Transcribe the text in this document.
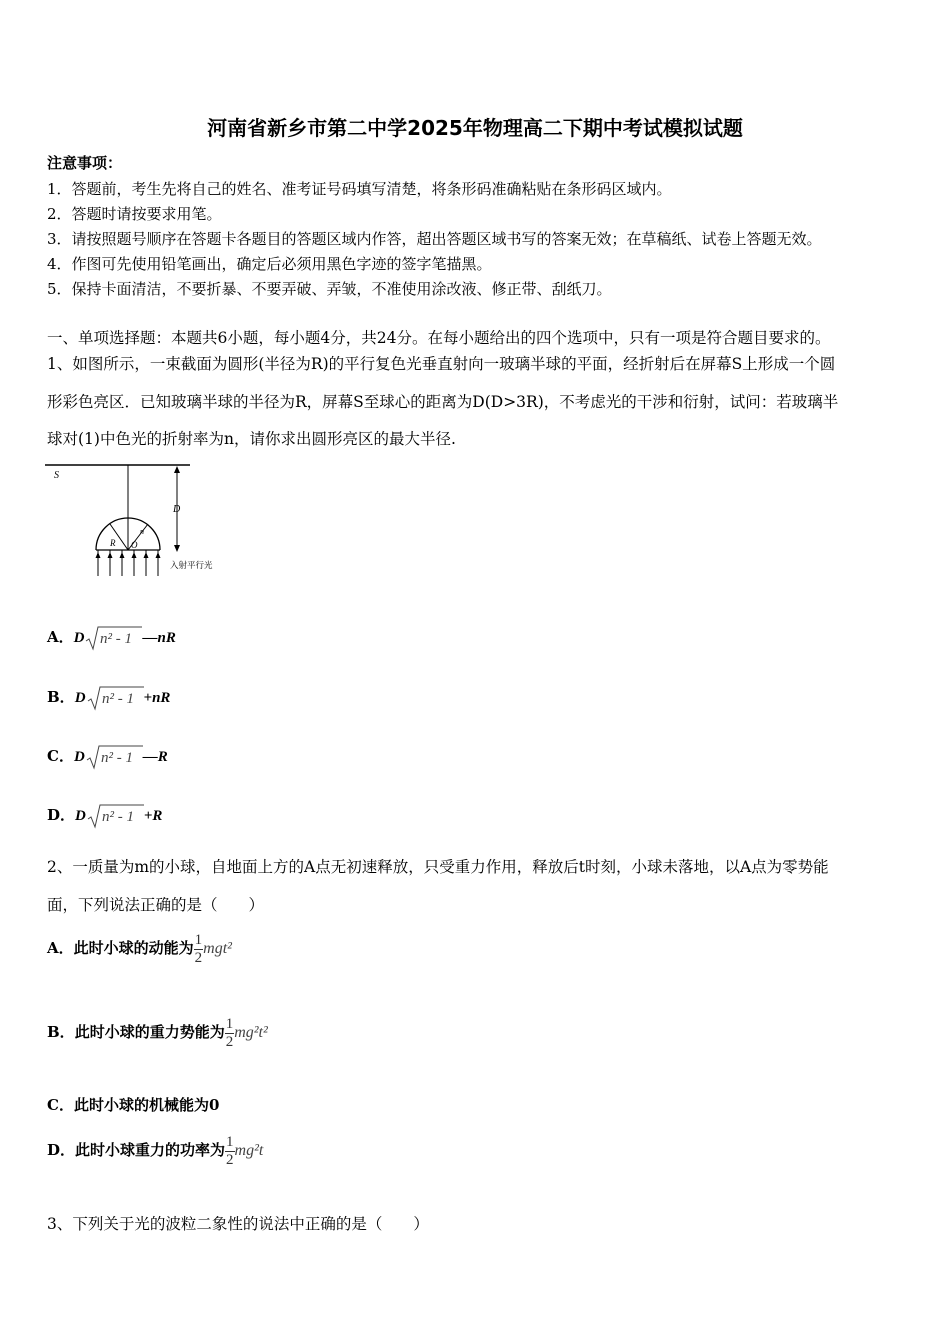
河南省新乡市第二中学2025年物理高二下期中考试模拟试题
注意事项：
1．答题前，考生先将自己的姓名、准考证号码填写清楚，将条形码准确粘贴在条形码区域内。
2．答题时请按要求用笔。
3．请按照题号顺序在答题卡各题目的答题区域内作答，超出答题区域书写的答案无效；在草稿纸、试卷上答题无效。
4．作图可先使用铅笔画出，确定后必须用黑色字迹的签字笔描黑。
5．保持卡面清洁，不要折暴、不要弄破、弄皱，不准使用涂改液、修正带、刮纸刀。
一、单项选择题：本题共6小题，每小题4分，共24分。在每小题给出的四个选项中，只有一项是符合题目要求的。
1、如图所示，一束截面为圆形(半径为R)的平行复色光垂直射向一玻璃半球的平面，经折射后在屏幕S上形成一个圆
形彩色亮区．已知玻璃半球的半径为R，屏幕S至球心的距离为D(D>3R)，不考虑光的干涉和衍射，试问：若玻璃半
球对(1)中色光的折射率为n，请你求出圆形亮区的最大半径.
S
D
R O
n
入射平行光
A．D n² - 1 —nR
B．D n² - 1 +nR
C．D n² - 1 —R
D．D n² - 1 +R
2、一质量为m的小球，自地面上方的A点无初速释放，只受重力作用，释放后t时刻，小球未落地，以A点为零势能
面，下列说法正确的是（　　）
A．此时小球的动能为 $\frac{1}{2} mgt^2$
B．此时小球的重力势能为 $\frac{1}{2} mg^2t^2$
C．此时小球的机械能为0
D．此时小球重力的功率为 $\frac{1}{2} mg^2t$
3、下列关于光的波粒二象性的说法中正确的是（　　）
